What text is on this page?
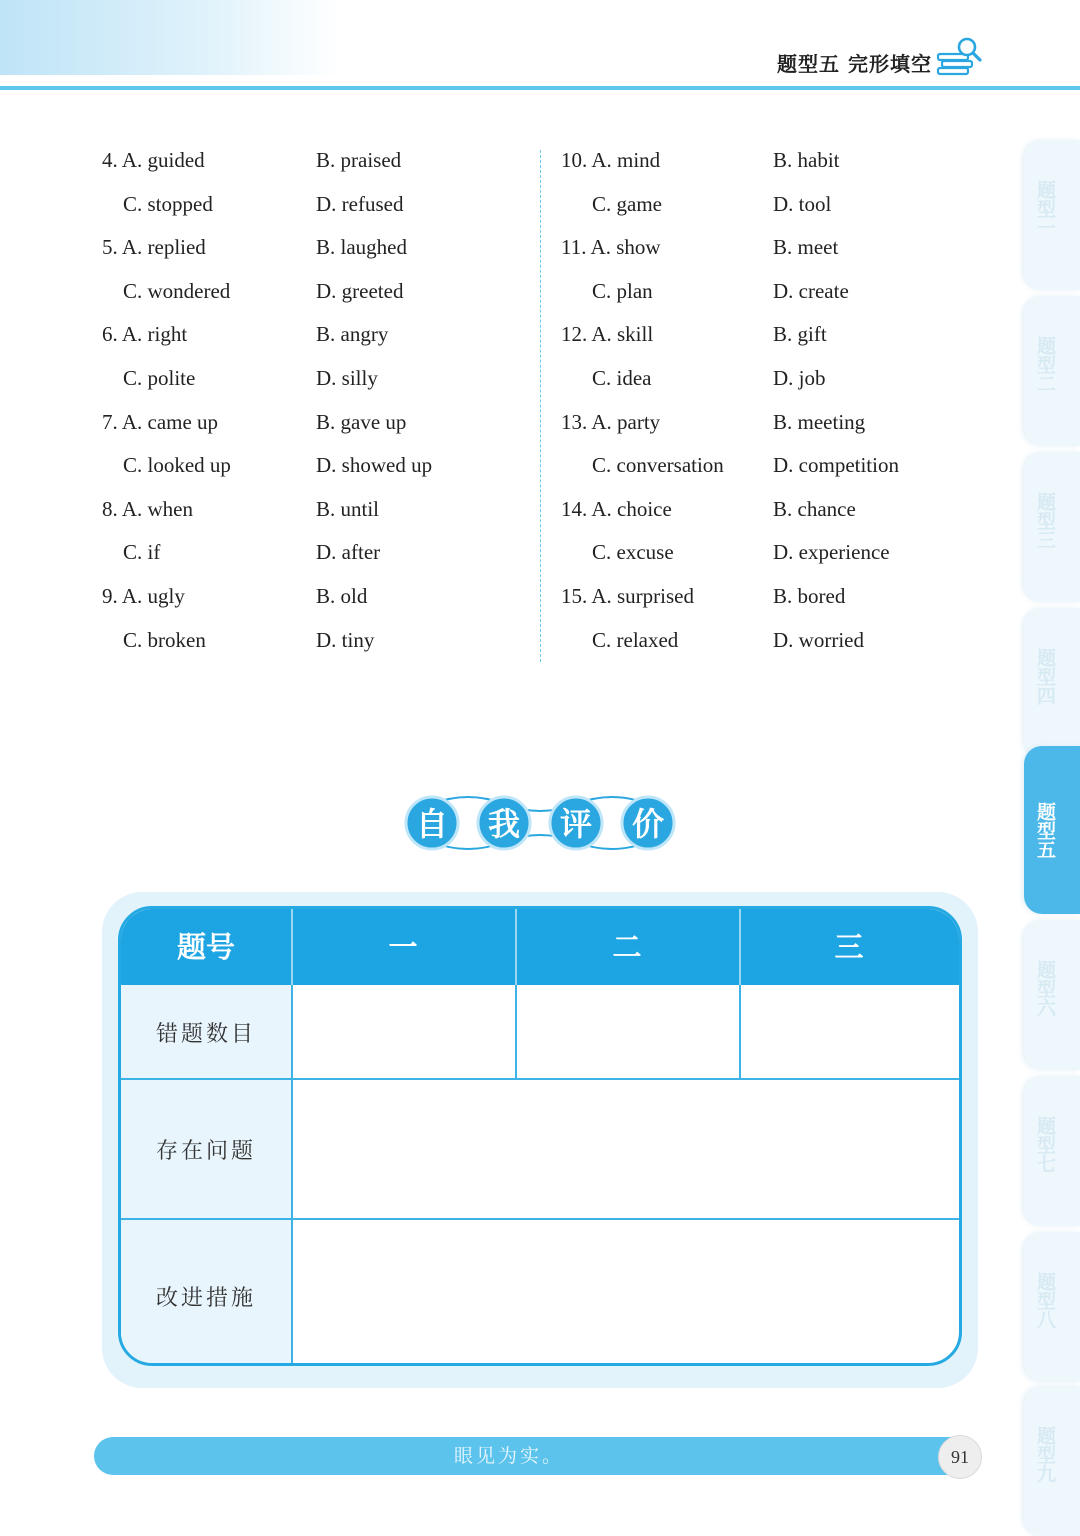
题型五 完形填空
4. A. guided	B. praised
C. stopped	D. refused
5. A. replied	B. laughed
C. wondered	D. greeted
6. A. right	B. angry
C. polite	D. silly
7. A. came up	B. gave up
C. looked up	D. showed up
8. A. when	B. until
C. if	D. after
9. A. ugly	B. old
C. broken	D. tiny
10. A. mind	B. habit
C. game	D. tool
11. A. show	B. meet
C. plan	D. create
12. A. skill	B. gift
C. idea	D. job
13. A. party	B. meeting
C. conversation D. competition
14. A. choice	B. chance
C. excuse	D. experience
15. A. surprised	B. bored
C. relaxed	D. worried
题型一
题型二
题型三
题型四
题型五
题型六
题型七
题型八
题型九
自 我 评 价
题号	一	二	三
错题数目
存在问题
改进措施
眼见为实。	91
